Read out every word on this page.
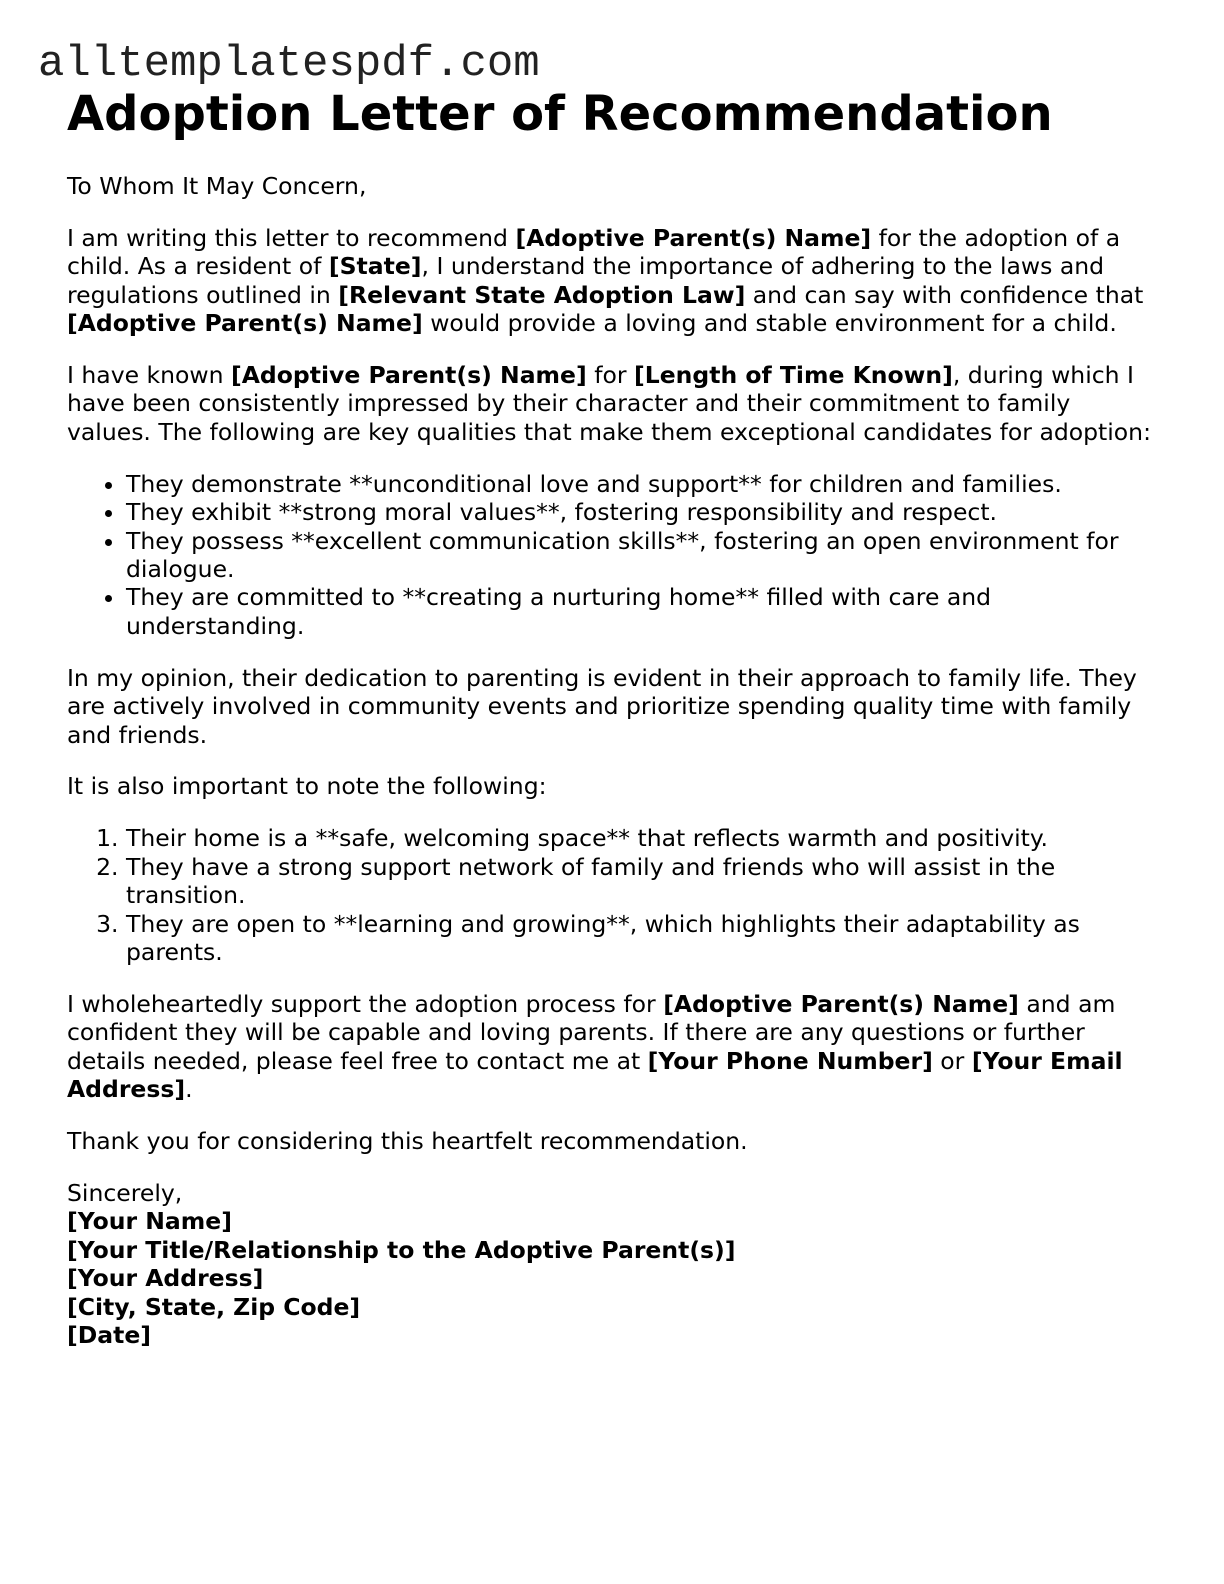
alltemplatespdf.com
Adoption Letter of Recommendation

To Whom It May Concern,

I am writing this letter to recommend [Adoptive Parent(s) Name] for the adoption of a child. As a resident of [State], I understand the importance of adhering to the laws and regulations outlined in [Relevant State Adoption Law] and can say with confidence that [Adoptive Parent(s) Name] would provide a loving and stable environment for a child.

I have known [Adoptive Parent(s) Name] for [Length of Time Known], during which I have been consistently impressed by their character and their commitment to family values. The following are key qualities that make them exceptional candidates for adoption:

• They demonstrate **unconditional love and support** for children and families.
• They exhibit **strong moral values**, fostering responsibility and respect.
• They possess **excellent communication skills**, fostering an open environment for dialogue.
• They are committed to **creating a nurturing home** filled with care and understanding.

In my opinion, their dedication to parenting is evident in their approach to family life. They are actively involved in community events and prioritize spending quality time with family and friends.

It is also important to note the following:

1. Their home is a **safe, welcoming space** that reflects warmth and positivity.
2. They have a strong support network of family and friends who will assist in the transition.
3. They are open to **learning and growing**, which highlights their adaptability as parents.

I wholeheartedly support the adoption process for [Adoptive Parent(s) Name] and am confident they will be capable and loving parents. If there are any questions or further details needed, please feel free to contact me at [Your Phone Number] or [Your Email Address].

Thank you for considering this heartfelt recommendation.

Sincerely,
[Your Name]
[Your Title/Relationship to the Adoptive Parent(s)]
[Your Address]
[City, State, Zip Code]
[Date]
